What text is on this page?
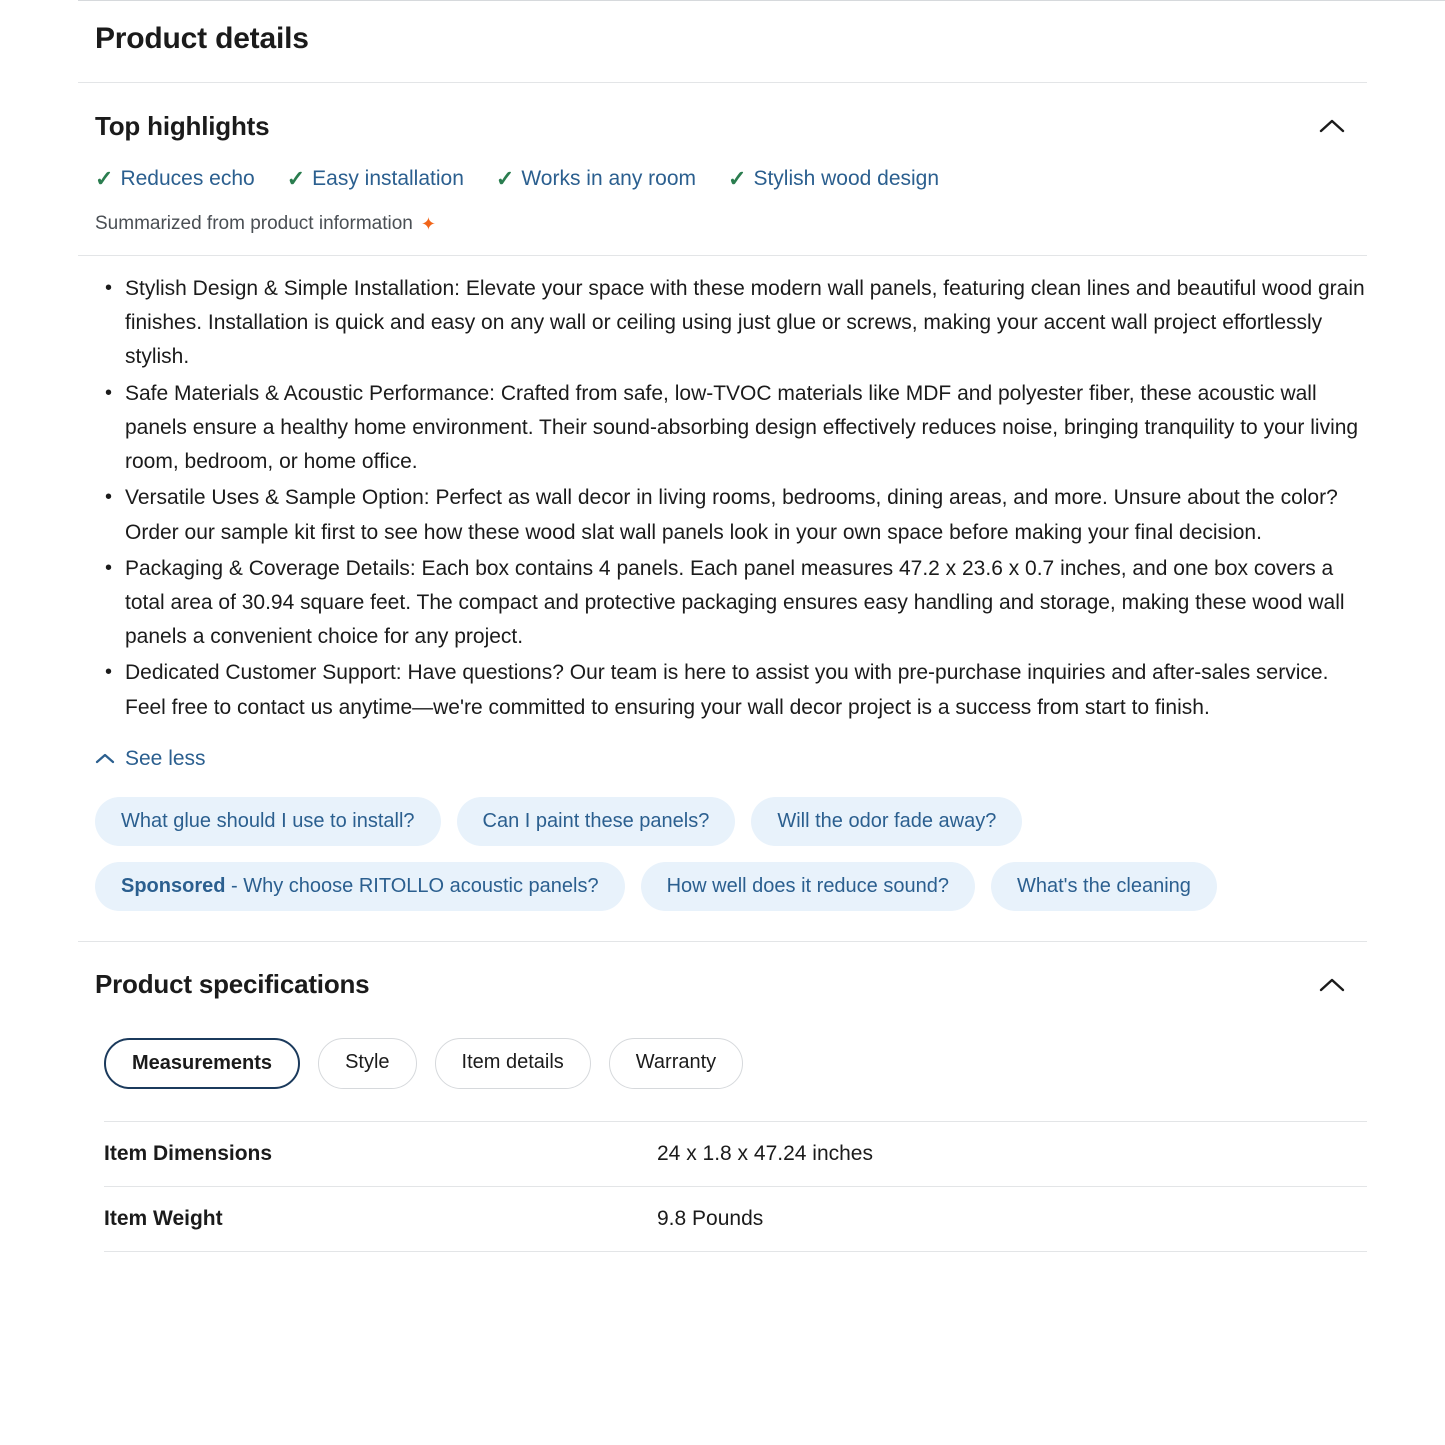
Product details
Top highlights
✓ Reduces echo ✓ Easy installation ✓ Works in any room ✓ Stylish wood design
Summarized from product information ✦
• Stylish Design & Simple Installation: Elevate your space with these modern wall panels, featuring clean lines and beautiful wood grain finishes. Installation is quick and easy on any wall or ceiling using just glue or screws, making your accent wall project effortlessly stylish.
• Safe Materials & Acoustic Performance: Crafted from safe, low-TVOC materials like MDF and polyester fiber, these acoustic wall panels ensure a healthy home environment. Their sound-absorbing design effectively reduces noise, bringing tranquility to your living room, bedroom, or home office.
• Versatile Uses & Sample Option: Perfect as wall decor in living rooms, bedrooms, dining areas, and more. Unsure about the color? Order our sample kit first to see how these wood slat wall panels look in your own space before making your final decision.
• Packaging & Coverage Details: Each box contains 4 panels. Each panel measures 47.2 x 23.6 x 0.7 inches, and one box covers a total area of 30.94 square feet. The compact and protective packaging ensures easy handling and storage, making these wood wall panels a convenient choice for any project.
• Dedicated Customer Support: Have questions? Our team is here to assist you with pre-purchase inquiries and after-sales service. Feel free to contact us anytime—we're committed to ensuring your wall decor project is a success from start to finish.
See less
What glue should I use to install?	Can I paint these panels?	Will the odor fade away?
Sponsored - Why choose RITOLLO acoustic panels?	How well does it reduce sound?	What's the cleaning
Product specifications
Measurements	Style	Item details	Warranty
Item Dimensions	24 x 1.8 x 47.24 inches
Item Weight	9.8 Pounds
